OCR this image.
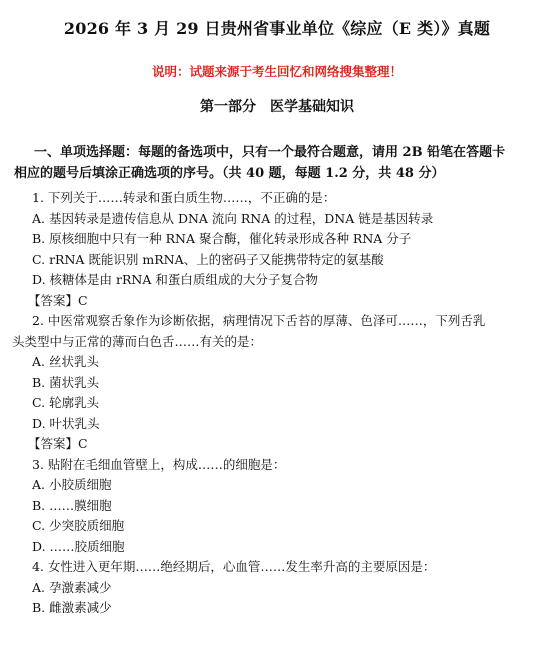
2026 年 3 月 29 日贵州省事业单位《综应（E 类）》真题
说明：试题来源于考生回忆和网络搜集整理！
第一部分　医学基础知识
一、单项选择题：每题的备选项中，只有一个最符合题意，请用 2B 铅笔在答题卡
相应的题号后填涂正确选项的序号。（共 40 题，每题 1.2 分，共 48 分）
1. 下列关于……转录和蛋白质生物……，不正确的是：
A. 基因转录是遗传信息从 DNA 流向 RNA 的过程，DNA 链是基因转录
B. 原核细胞中只有一种 RNA 聚合酶，催化转录形成各种 RNA 分子
C. rRNA 既能识别 mRNA、上的密码子又能携带特定的氨基酸
D. 核糖体是由 rRNA 和蛋白质组成的大分子复合物
【答案】C
2. 中医常观察舌象作为诊断依据，病理情况下舌苔的厚薄、色泽可……，下列舌乳
头类型中与正常的薄而白色舌……有关的是：
A. 丝状乳头
B. 菌状乳头
C. 轮廓乳头
D. 叶状乳头
【答案】C
3. 贴附在毛细血管壁上，构成……的细胞是：
A. 小胶质细胞
B. ……膜细胞
C. 少突胶质细胞
D. ……胶质细胞
4. 女性进入更年期……绝经期后，心血管……发生率升高的主要原因是：
A. 孕激素减少
B. 雌激素减少
